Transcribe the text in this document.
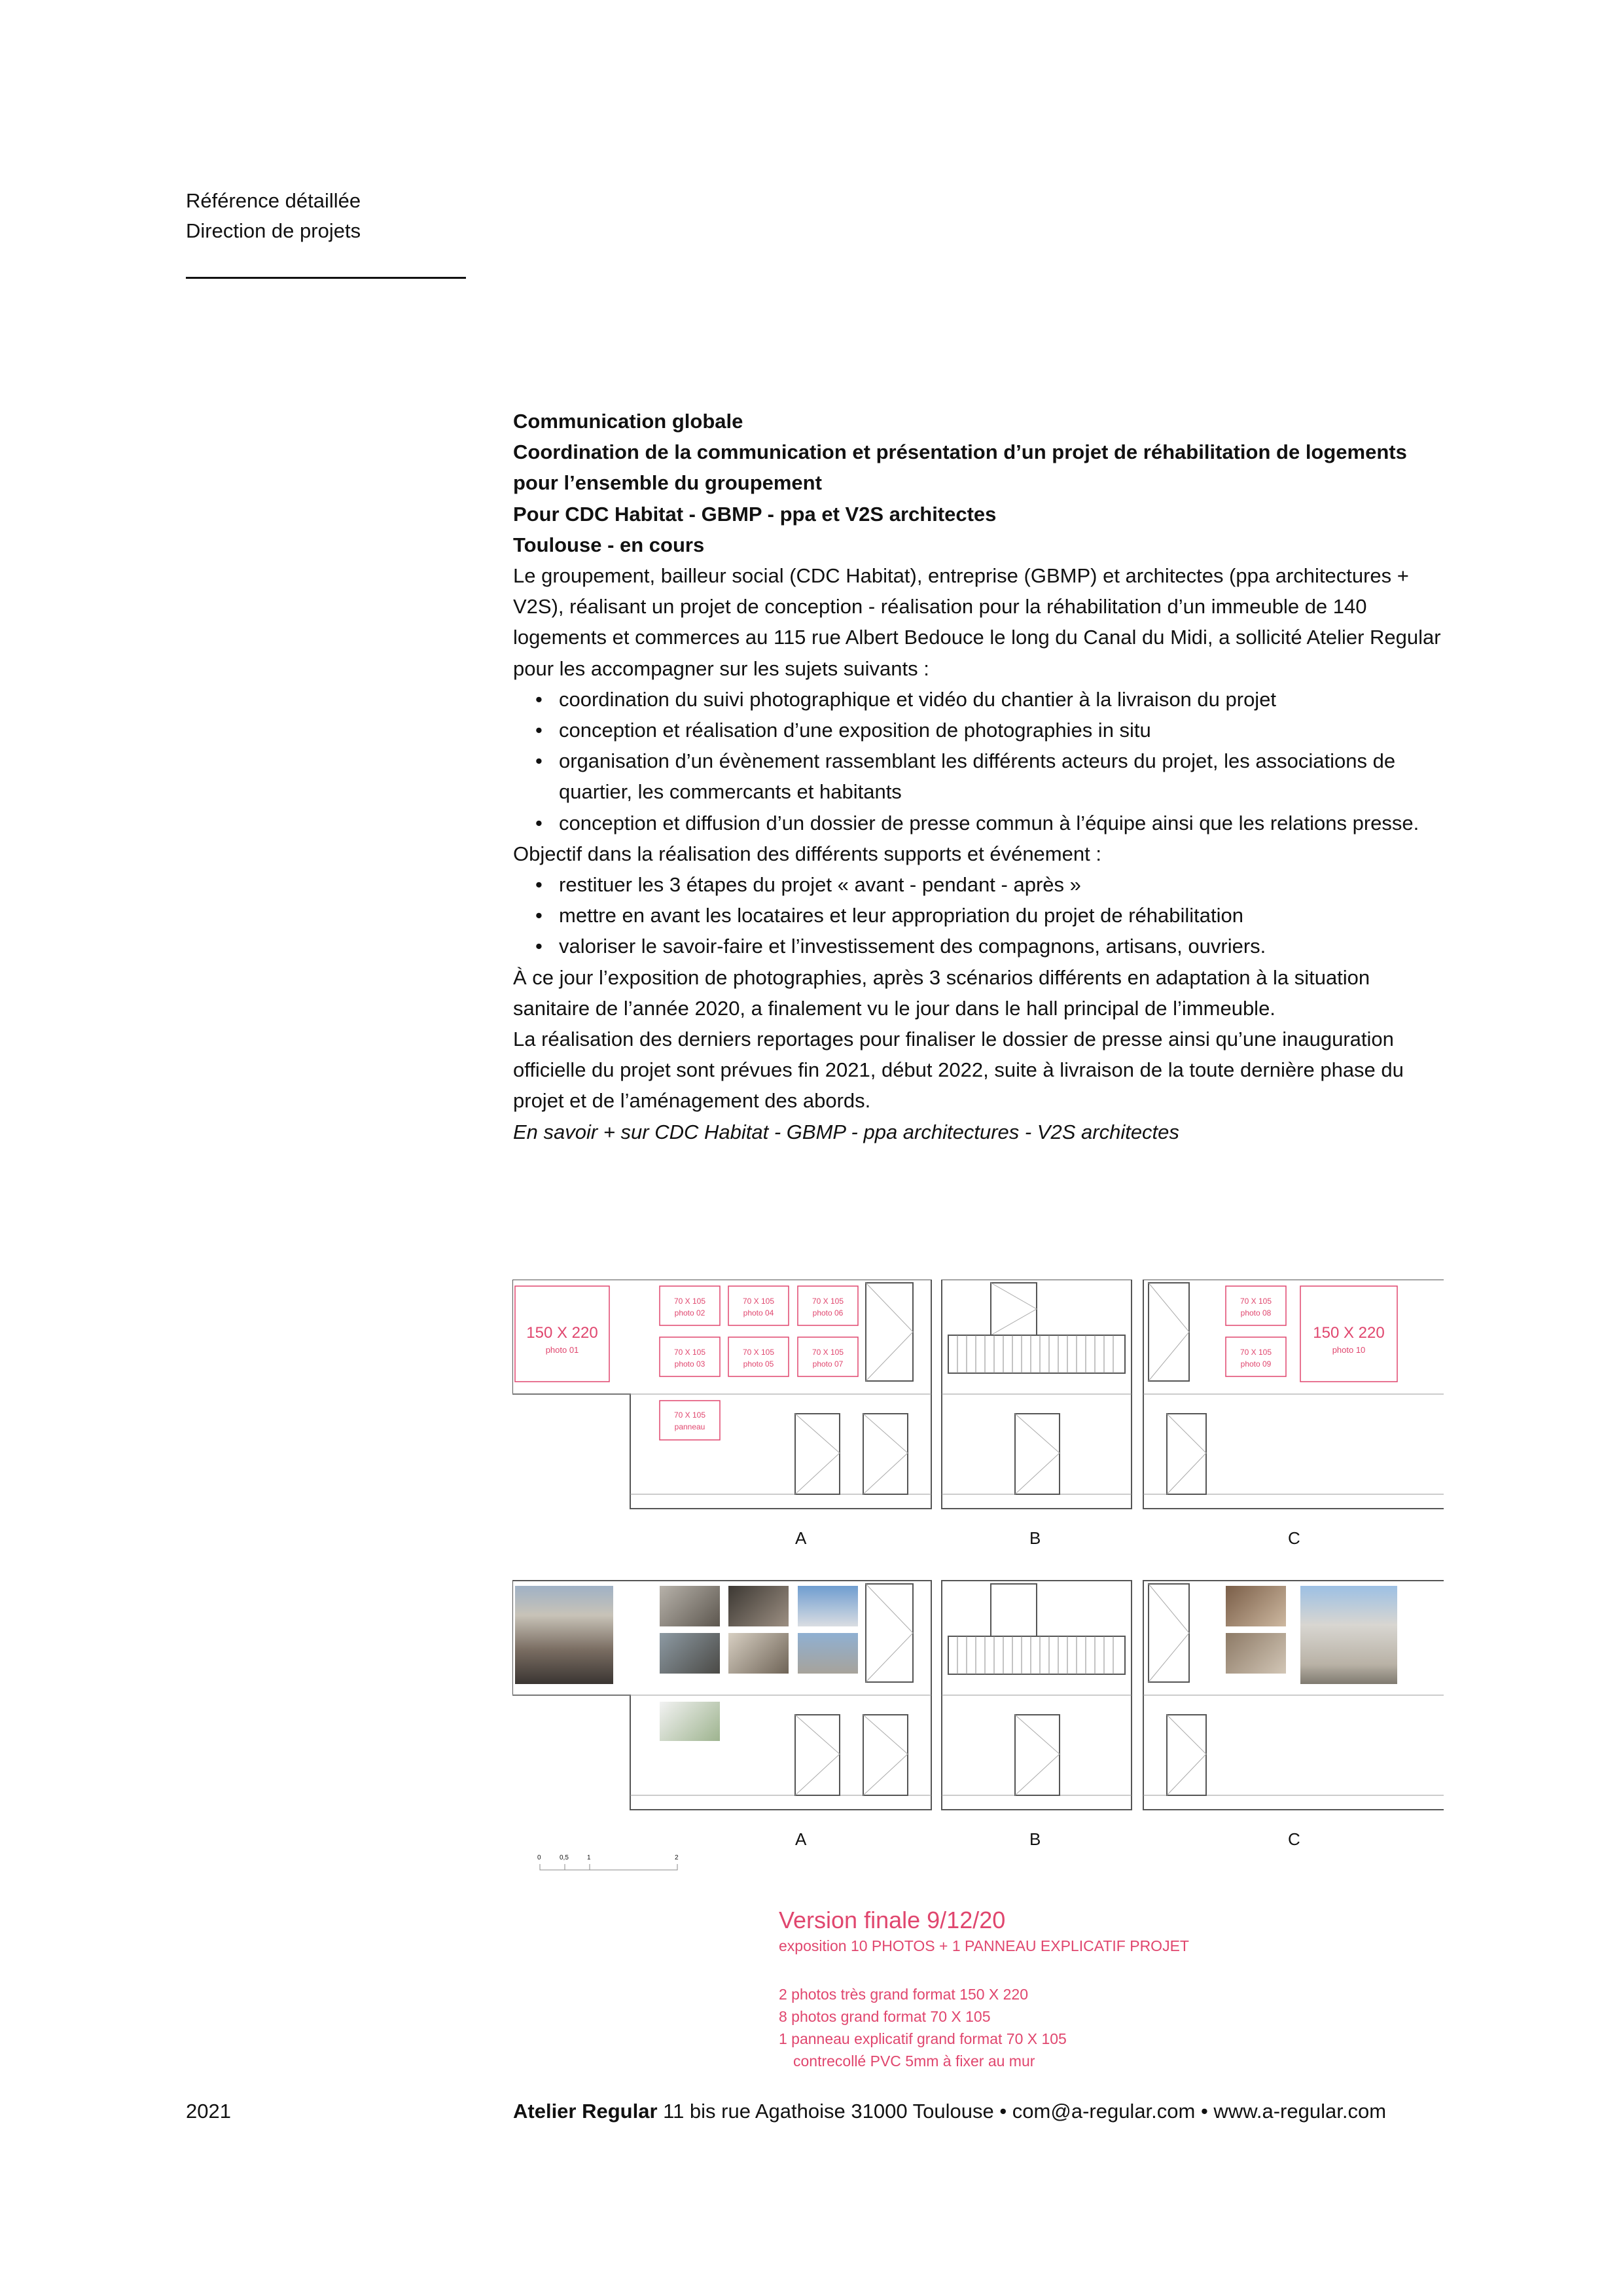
Référence détaillée
Direction de projets

Communication globale

Coordination de la communication et présentation d’un projet de réhabilitation de logements pour l’ensemble du groupement

Pour CDC Habitat - GBMP - ppa et V2S architectes

Toulouse - en cours

Le groupement, bailleur social (CDC Habitat), entreprise (GBMP) et architectes (ppa architectures + V2S), réalisant un projet de conception - réalisation pour la réhabilitation d’un immeuble de 140 logements et commerces au 115 rue Albert Bedouce le long du Canal du Midi, a sollicité Atelier Regular pour les accompagner sur les sujets suivants :

• coordination du suivi photographique et vidéo du chantier à la livraison du projet
• conception et réalisation d’une exposition de photographies in situ
• organisation d’un évènement rassemblant les différents acteurs du projet, les associations de quartier, les commercants et habitants
• conception et diffusion d’un dossier de presse commun à l’équipe ainsi que les relations presse.

Objectif dans la réalisation des différents supports et événement :

• restituer les 3 étapes du projet « avant - pendant - après »
• mettre en avant les locataires et leur appropriation du projet de réhabilitation
• valoriser le savoir-faire et l’investissement des compagnons, artisans, ouvriers.

À ce jour l’exposition de photographies, après 3 scénarios différents en adaptation à la situation sanitaire de l’année 2020, a finalement vu le jour dans le hall principal de l’immeuble.

La réalisation des derniers reportages pour finaliser le dossier de presse ainsi qu’une inauguration officielle du projet sont prévues fin 2021, début 2022, suite à livraison de la toute dernière phase du projet et de l’aménagement des abords.

En savoir + sur CDC Habitat - GBMP - ppa architectures - V2S architectes

150 X 220
photo 01
70 X 105
photo 02
70 X 105
photo 03
70 X 105
photo 04
70 X 105
photo 05
70 X 105
photo 06
70 X 105
photo 07
70 X 105
panneau
70 X 105
photo 08
70 X 105
photo 09
150 X 220
photo 10
A	B	C
A	B	C
0	0,5	1	2
Version finale 9/12/20
exposition 10 PHOTOS + 1 PANNEAU EXPLICATIF PROJET
2 photos très grand format 150 X 220
8 photos grand format 70 X 105
1 panneau explicatif grand format 70 X 105
contrecollé PVC 5mm à fixer au mur
2021	Atelier Regular 11 bis rue Agathoise 31000 Toulouse • com@a-regular.com • www.a-regular.com
